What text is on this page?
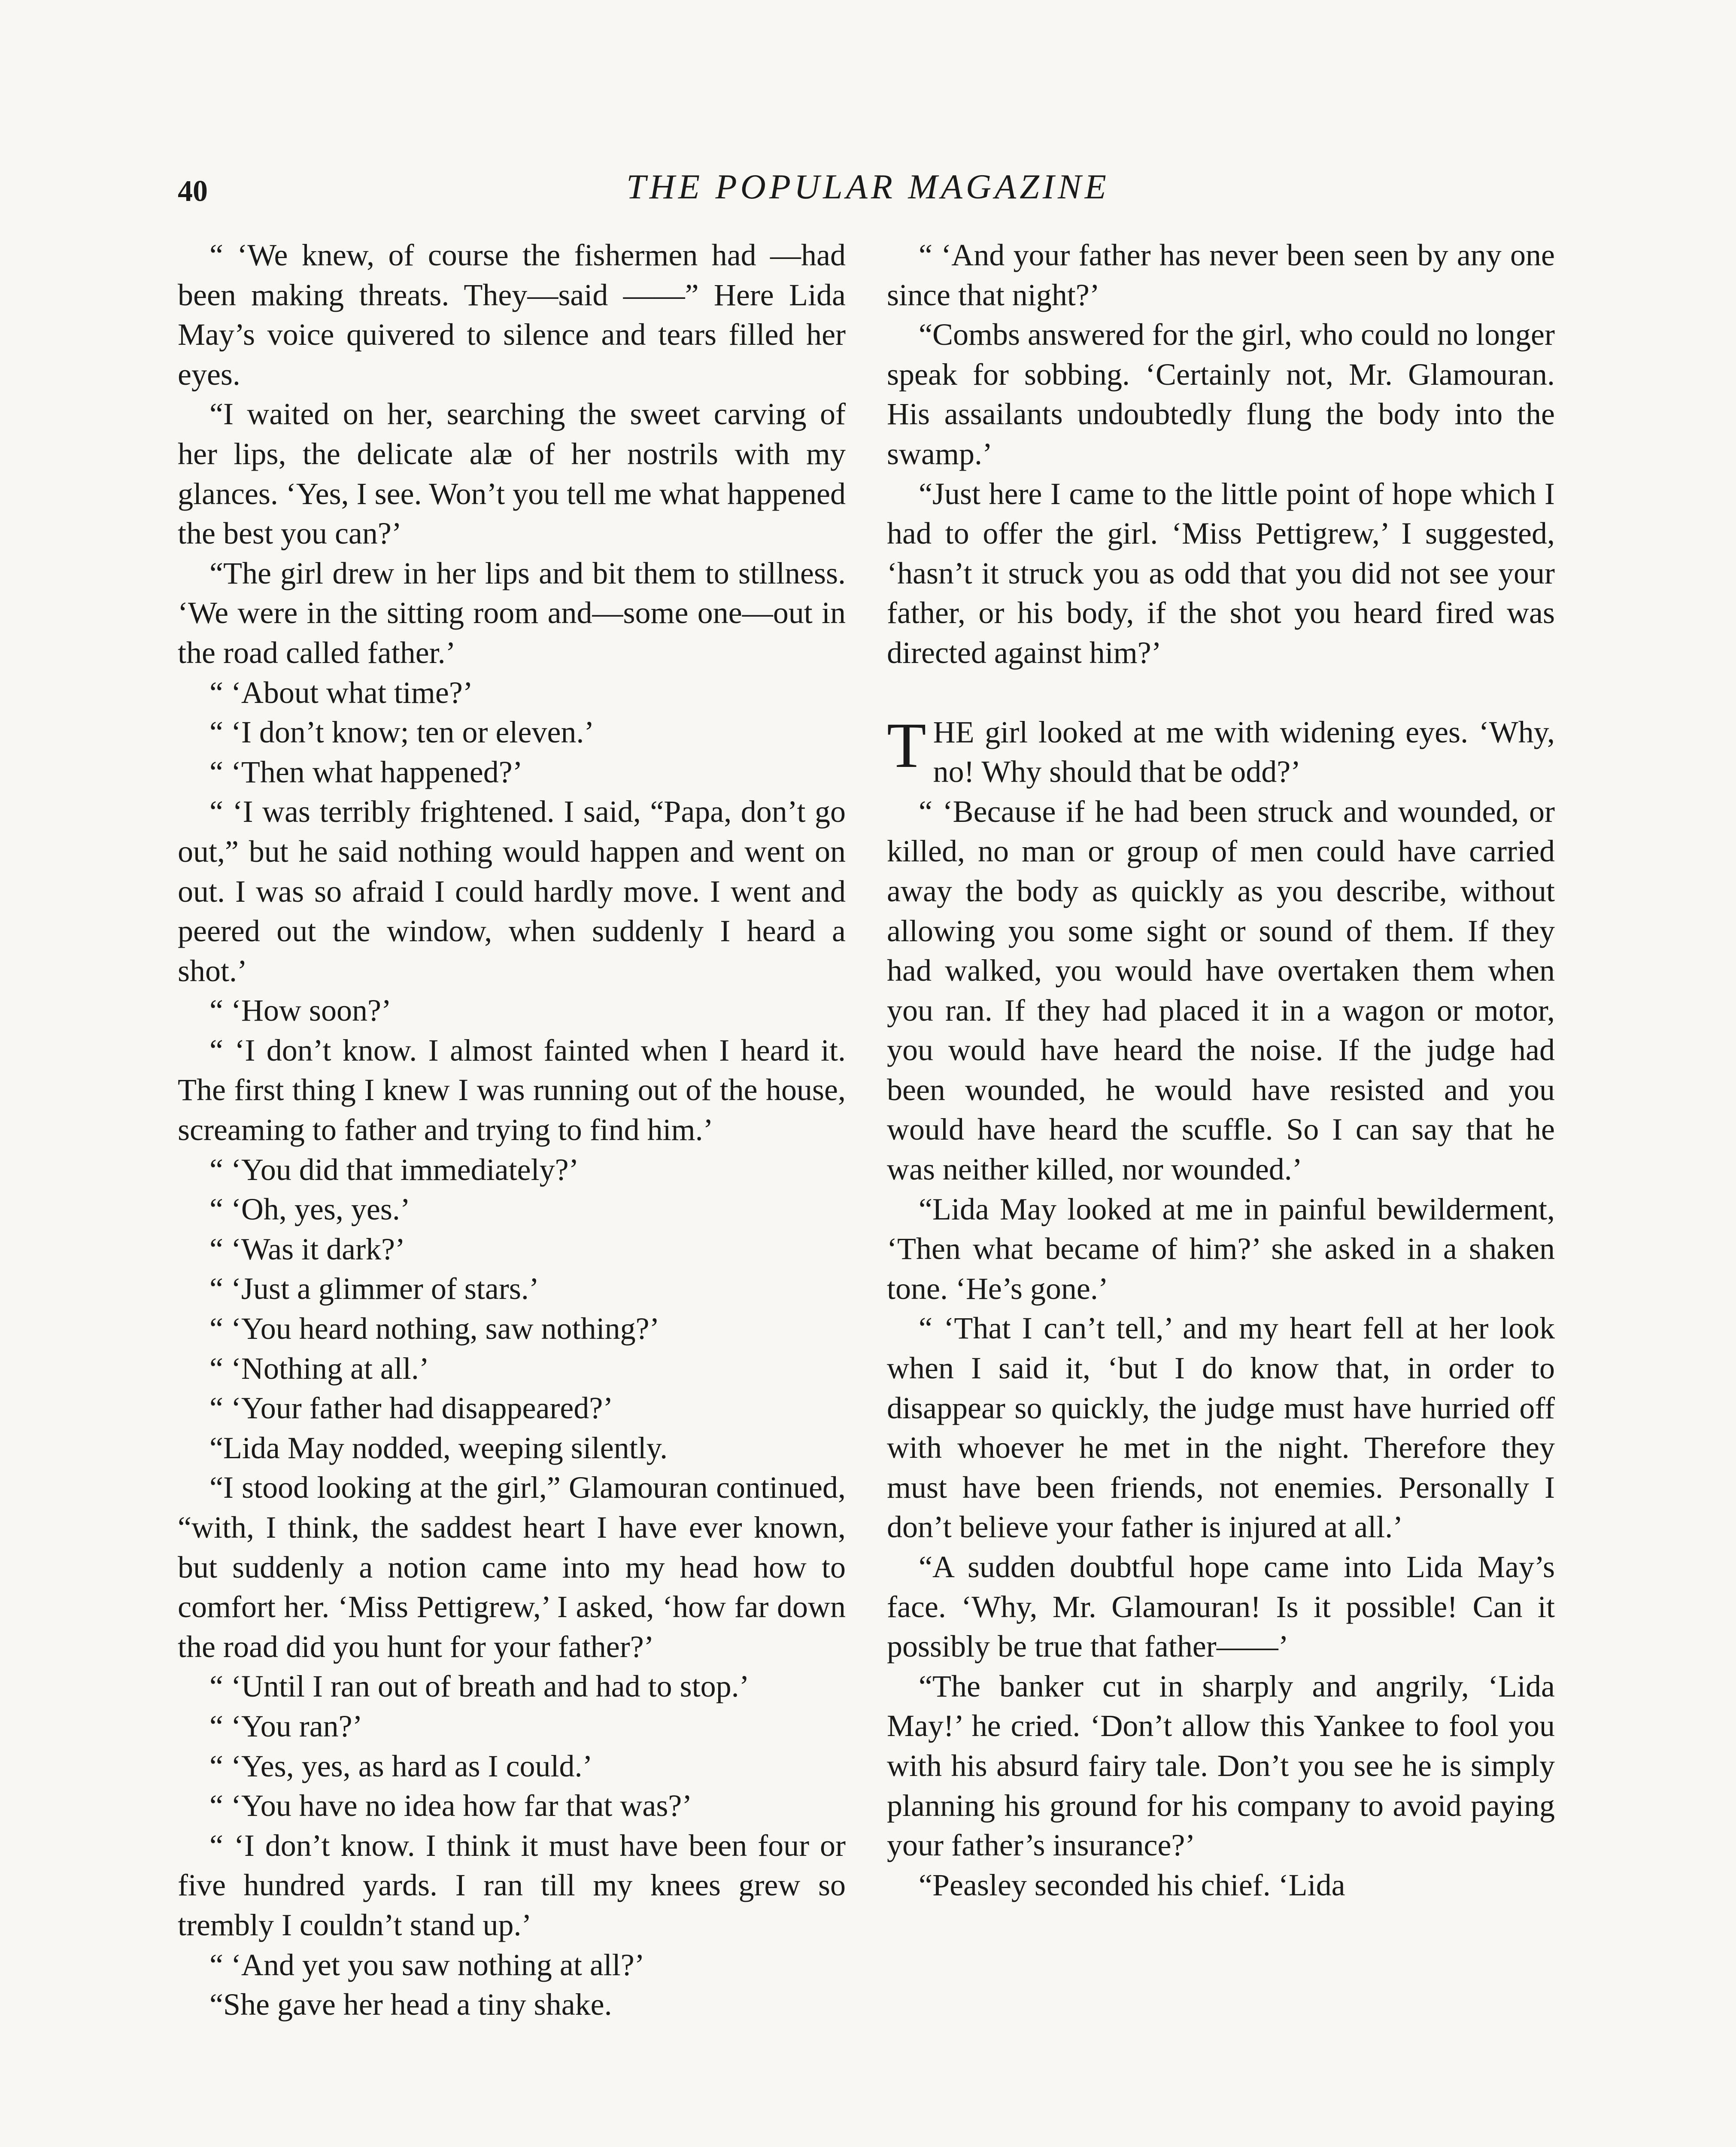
40	THE POPULAR MAGAZINE

“ ‘We knew, of course the fishermen had —had been making threats. They—said ——” Here Lida May’s voice quivered to silence and tears filled her eyes.

“I waited on her, searching the sweet carving of her lips, the delicate alæ of her nostrils with my glances. ‘Yes, I see. Won’t you tell me what happened the best you can?’

“The girl drew in her lips and bit them to stillness. ‘We were in the sitting room and—some one—out in the road called father.’

“ ‘About what time?’

“ ‘I don’t know; ten or eleven.’

“ ‘Then what happened?’

“ ‘I was terribly frightened. I said, “Papa, don’t go out,” but he said nothing would happen and went on out. I was so afraid I could hardly move. I went and peered out the window, when suddenly I heard a shot.’

“ ‘How soon?’

“ ‘I don’t know. I almost fainted when I heard it. The first thing I knew I was running out of the house, screaming to father and trying to find him.’

“ ‘You did that immediately?’

“ ‘Oh, yes, yes.’

“ ‘Was it dark?’

“ ‘Just a glimmer of stars.’

“ ‘You heard nothing, saw nothing?’

“ ‘Nothing at all.’

“ ‘Your father had disappeared?’

“Lida May nodded, weeping silently.

“I stood looking at the girl,” Glamouran continued, “with, I think, the saddest heart I have ever known, but suddenly a notion came into my head how to comfort her. ‘Miss Pettigrew,’ I asked, ‘how far down the road did you hunt for your father?’

“ ‘Until I ran out of breath and had to stop.’

“ ‘You ran?’

“ ‘Yes, yes, as hard as I could.’

“ ‘You have no idea how far that was?’

“ ‘I don’t know. I think it must have been four or five hundred yards. I ran till my knees grew so trembly I couldn’t stand up.’

“ ‘And yet you saw nothing at all?’

“She gave her head a tiny shake.

“ ‘And your father has never been seen by any one since that night?’

“Combs answered for the girl, who could no longer speak for sobbing. ‘Certainly not, Mr. Glamouran. His assailants undoubtedly flung the body into the swamp.’

“Just here I came to the little point of hope which I had to offer the girl. ‘Miss Pettigrew,’ I suggested, ‘hasn’t it struck you as odd that you did not see your father, or his body, if the shot you heard fired was directed against him?’

THE girl looked at me with widening eyes. ‘Why, no! Why should that be odd?’

“ ‘Because if he had been struck and wounded, or killed, no man or group of men could have carried away the body as quickly as you describe, without allowing you some sight or sound of them. If they had walked, you would have overtaken them when you ran. If they had placed it in a wagon or motor, you would have heard the noise. If the judge had been wounded, he would have resisted and you would have heard the scuffle. So I can say that he was neither killed, nor wounded.’

“Lida May looked at me in painful bewilderment, ‘Then what became of him?’ she asked in a shaken tone. ‘He’s gone.’

“ ‘That I can’t tell,’ and my heart fell at her look when I said it, ‘but I do know that, in order to disappear so quickly, the judge must have hurried off with whoever he met in the night. Therefore they must have been friends, not enemies. Personally I don’t believe your father is injured at all.’

“A sudden doubtful hope came into Lida May’s face. ‘Why, Mr. Glamouran! Is it possible! Can it possibly be true that father——’

“The banker cut in sharply and angrily, ‘Lida May!’ he cried. ‘Don’t allow this Yankee to fool you with his absurd fairy tale. Don’t you see he is simply planning his ground for his company to avoid paying your father’s insurance?’

“Peasley seconded his chief. ‘Lida
